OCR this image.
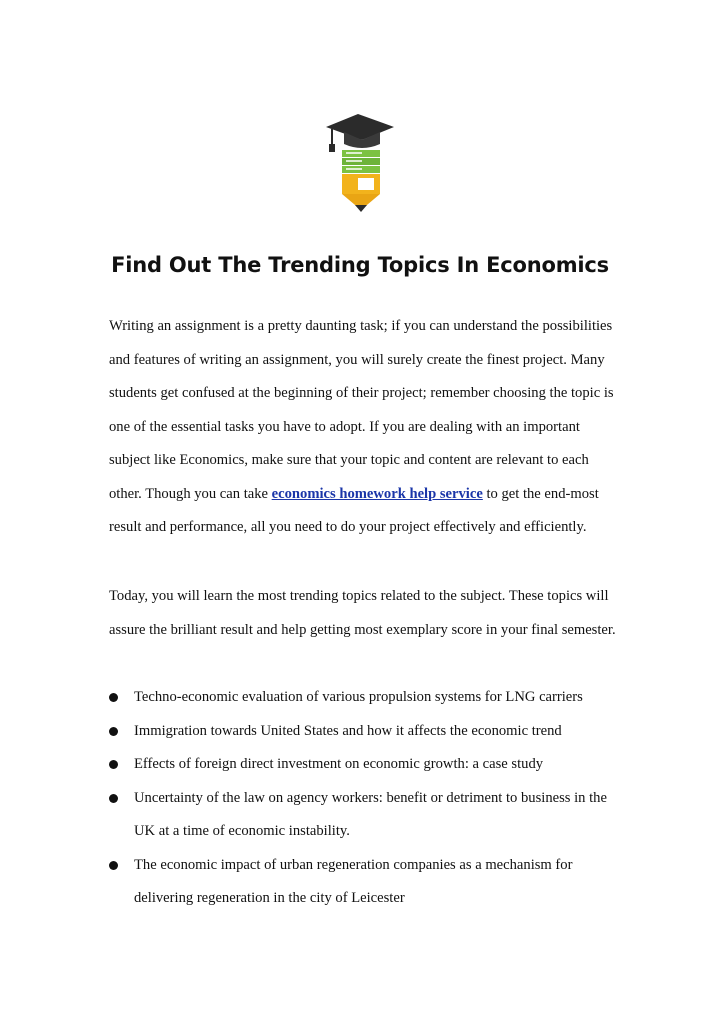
Find Out The Trending Topics In Economics

Writing an assignment is a pretty daunting task; if you can understand the possibilities
and features of writing an assignment, you will surely create the finest project. Many
students get confused at the beginning of their project; remember choosing the topic is
one of the essential tasks you have to adopt. If you are dealing with an important
subject like Economics, make sure that your topic and content are relevant to each
other. Though you can take economics homework help service to get the end-most
result and performance, all you need to do your project effectively and efficiently.

Today, you will learn the most trending topics related to the subject. These topics will
assure the brilliant result and help getting most exemplary score in your final semester.

Techno-economic evaluation of various propulsion systems for LNG carriers
Immigration towards United States and how it affects the economic trend
Effects of foreign direct investment on economic growth: a case study
Uncertainty of the law on agency workers: benefit or detriment to business in the
UK at a time of economic instability.
The economic impact of urban regeneration companies as a mechanism for
delivering regeneration in the city of Leicester
